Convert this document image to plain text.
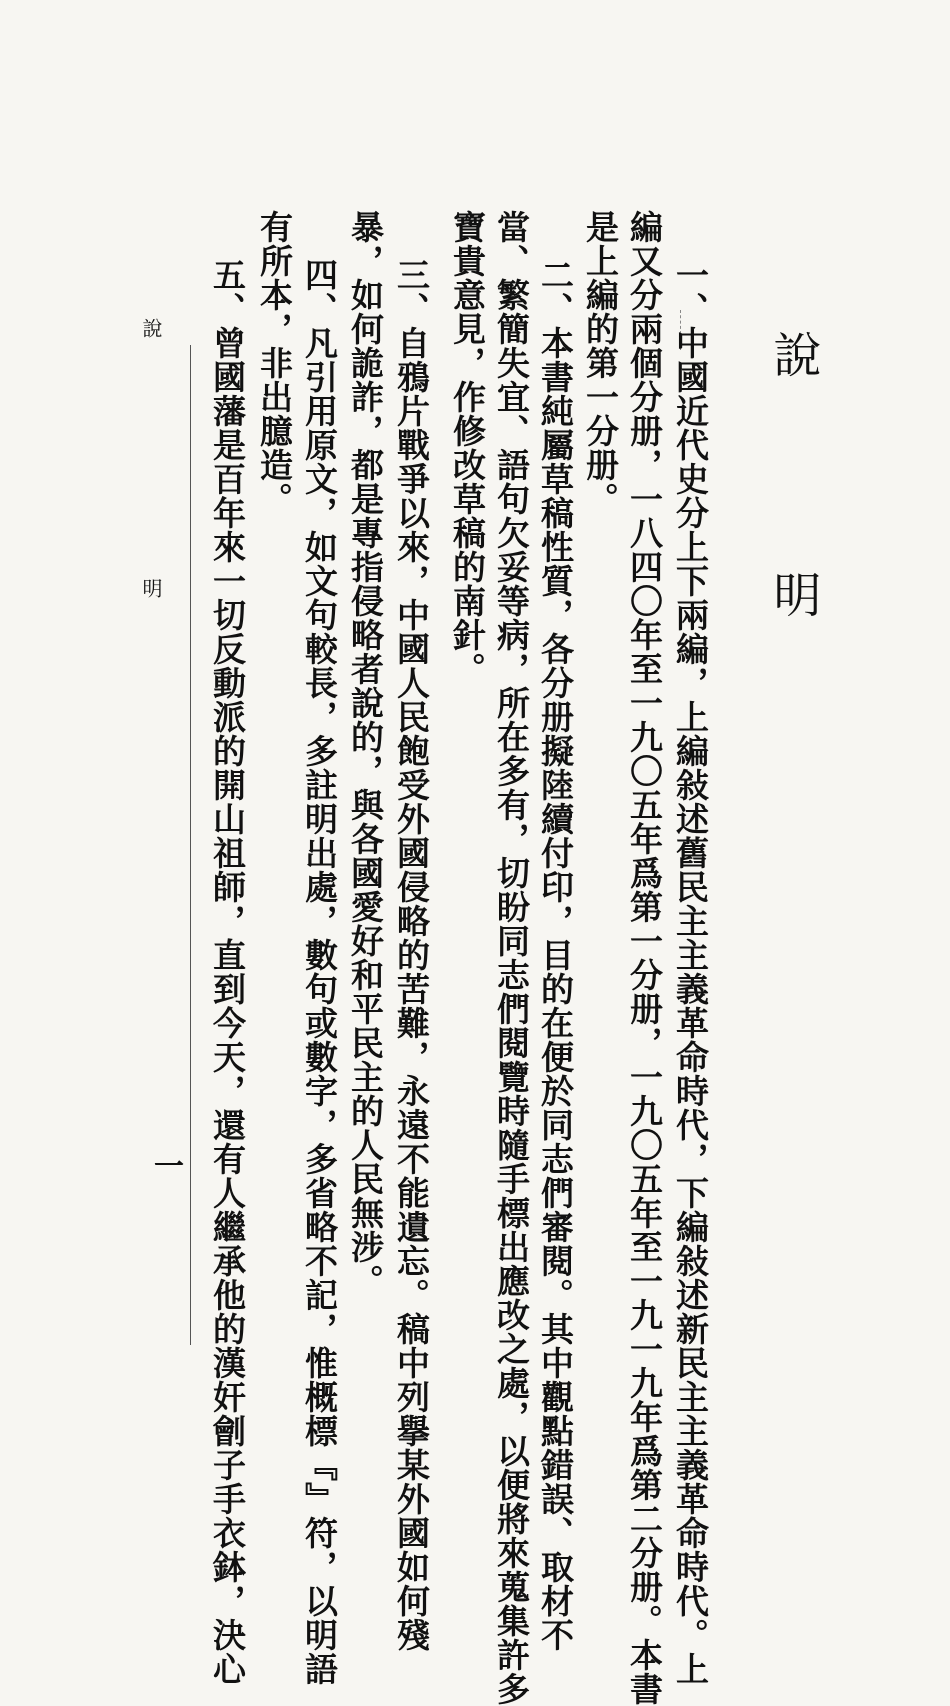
說　明
一、中國近代史分上下兩編，上編敍述舊民主主義革命時代，下編敍述新民主主義革命時代。上
編又分兩個分册，一八四〇年至一九〇五年爲第一分册，一九〇五年至一九一九年爲第二分册。本書
是上編的第一分册。
二、本書純屬草稿性質，各分册擬陸續付印，目的在便於同志們審閱。其中觀點錯誤、取材不
當、繁簡失宜、語句欠妥等病，所在多有，切盼同志們閱覽時隨手標出應改之處，以便將來蒐集許多
寶貴意見，作修改草稿的南針。
三、自鴉片戰爭以來，中國人民飽受外國侵略的苦難，永遠不能遺忘。稿中列擧某外國如何殘
暴，如何詭詐，都是專指侵略者說的，與各國愛好和平民主的人民無涉。
四、凡引用原文，如文句較長，多註明出處，數句或數字，多省略不記，惟概標『』符，以明語
有所本，非出臆造。
五、曾國藩是百年來一切反動派的開山祖師，直到今天，還有人繼承他的漢奸劊子手衣鉢，決心
說　明
一
